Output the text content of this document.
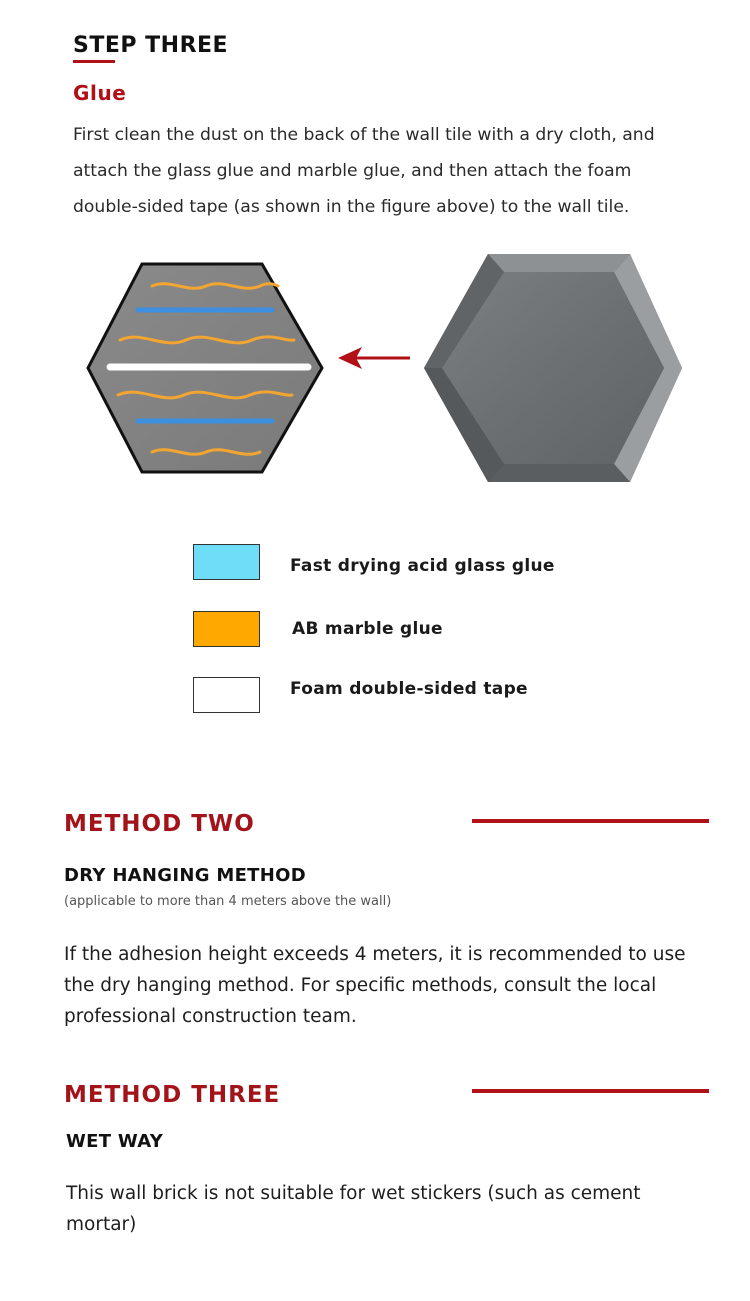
STEP THREE
Glue
First clean the dust on the back of the wall tile with a dry cloth, and attach the glass glue and marble glue, and then attach the foam double-sided tape (as shown in the figure above) to the wall tile.
Fast drying acid glass glue
AB marble glue
Foam double-sided tape
METHOD TWO
DRY HANGING METHOD
(applicable to more than 4 meters above the wall)
If the adhesion height exceeds 4 meters, it is recommended to use the dry hanging method. For specific methods, consult the local professional construction team.
METHOD THREE
WET WAY
This wall brick is not suitable for wet stickers (such as cement mortar)
